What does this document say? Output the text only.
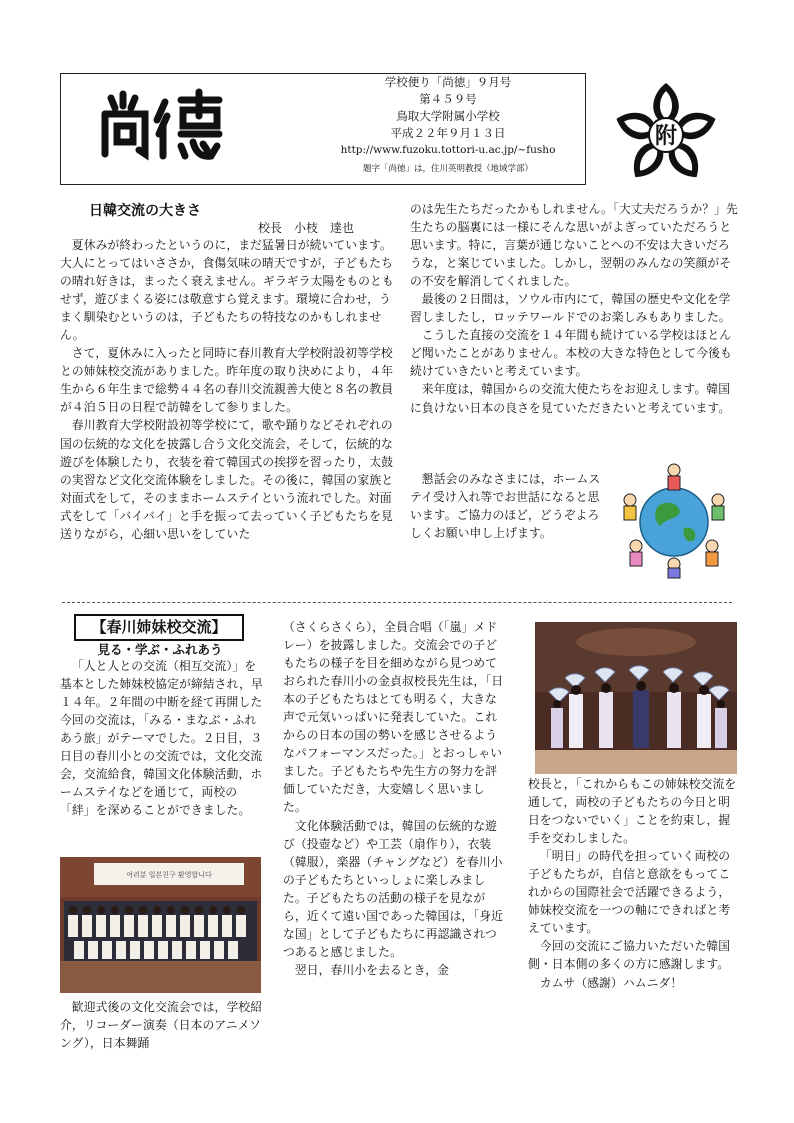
学校便り「尚徳」９月号
第４５９号
鳥取大学附属小学校
平成２２年９月１３日
http://www.fuzoku.tottori-u.ac.jp/~fusho
題字「尚徳」は，住川英明教授（地域学部）
附
日韓交流の大きさ
校長　小枝　達也

夏休みが終わったというのに，まだ猛暑日が続いています。大人にとってはいささか，食傷気味の晴天ですが，子どもたちの晴れ好きは，まったく衰えません。ギラギラ太陽をものともせず，遊びまくる姿には敬意すら覚えます。環境に合わせ，うまく馴染むというのは，子どもたちの特技なのかもしれません。

さて，夏休みに入ったと同時に春川教育大学校附設初等学校との姉妹校交流がありました。昨年度の取り決めにより，４年生から６年生まで総勢４４名の春川交流親善大使と８名の教員が４泊５日の日程で訪韓をして参りました。

春川教育大学校附設初等学校にて，歌や踊りなどそれぞれの国の伝統的な文化を披露し合う文化交流会，そして，伝統的な遊びを体験したり，衣装を着て韓国式の挨拶を習ったり，太鼓の実習など文化交流体験をしました。その後に，韓国の家族と対面式をして，そのままホームステイという流れでした。対面式をして「バイバイ」と手を振って去っていく子どもたちを見送りながら，心細い思いをしていた

のは先生たちだったかもしれません。「大丈夫だろうか？」先生たちの脳裏には一様にそんな思いがよぎっていただろうと思います。特に，言葉が通じないことへの不安は大きいだろうな，と案じていました。しかし，翌朝のみんなの笑顔がその不安を解消してくれました。

最後の２日間は，ソウル市内にて，韓国の歴史や文化を学習しましたし，ロッテワールドでのお楽しみもありました。

こうした直接の交流を１４年間も続けている学校はほとんど聞いたことがありません。本校の大きな特色として今後も続けていきたいと考えています。

来年度は，韓国からの交流大使たちをお迎えします。韓国に負けない日本の良さを見ていただきたいと考えています。

懇話会のみなさまには，ホームステイ受け入れ等でお世話になると思います。ご協力のほど，どうぞよろしくお願い申し上げます。

【春川姉妹校交流】
見る・学ぶ・ふれあう

「人と人との交流（相互交流）」を基本とした姉妹校協定が締結され，早１４年。２年間の中断を経て再開した今回の交流は，「みる・まなぶ・ふれあう旅」がテーマでした。２日目，３日目の春川小との交流では，文化交流会，交流給食，韓国文化体験活動，ホームステイなどを通じて，両校の「絆」を深めることができました。

여러분 일본친구 환영합니다

歓迎式後の文化交流会では，学校紹介，リコーダー演奏（日本のアニメソング），日本舞踊

（さくらさくら），全員合唱（「嵐」メドレー）を披露しました。交流会での子どもたちの様子を目を細めながら見つめておられた春川小の金貞叔校長先生は，「日本の子どもたちはとても明るく，大きな声で元気いっぱいに発表していた。これからの日本の国の勢いを感じさせるようなパフォーマンスだった。」とおっしゃいました。子どもたちや先生方の努力を評価していただき，大変嬉しく思いました。

文化体験活動では，韓国の伝統的な遊び（投壺など）や工芸（扇作り），衣装（韓服），楽器（チャングなど）を春川小の子どもたちといっしょに楽しみました。子どもたちの活動の様子を見ながら，近くて遠い国であった韓国は，「身近な国」として子どもたちに再認識されつつあると感じました。

翌日，春川小を去るとき，金

校長と，「これからもこの姉妹校交流を通して，両校の子どもたちの今日と明日をつないでいく」ことを約束し，握手を交わしました。

「明日」の時代を担っていく両校の子どもたちが，自信と意欲をもってこれからの国際社会で活躍できるよう，姉妹校交流を一つの軸にできればと考えています。

今回の交流にご協力いただいた韓国側・日本側の多くの方に感謝します。

カムサ（感謝）ハムニダ！
